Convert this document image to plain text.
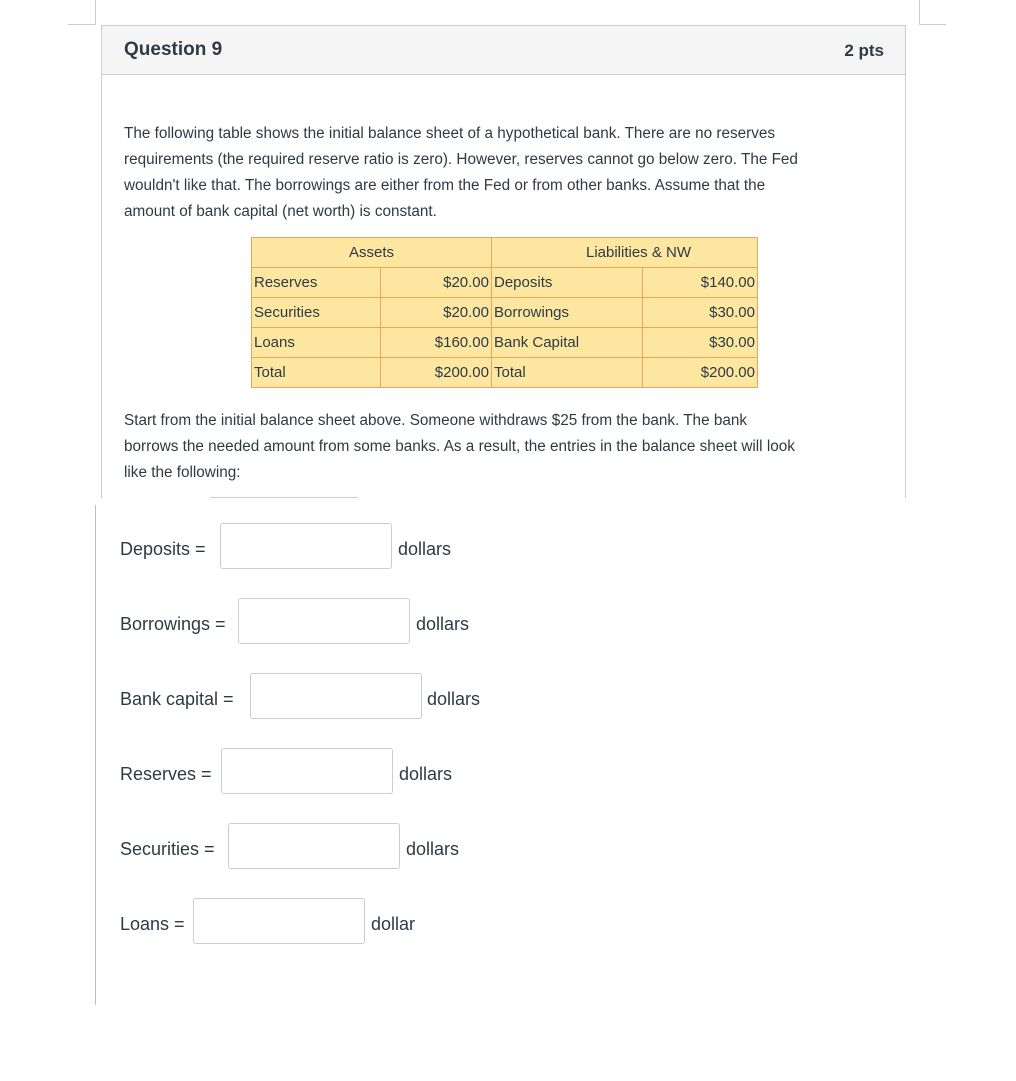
Question 9	2 pts
The following table shows the initial balance sheet of a hypothetical bank. There are no reserves
requirements (the required reserve ratio is zero). However, reserves cannot go below zero. The Fed
wouldn't like that. The borrowings are either from the Fed or from other banks. Assume that the
amount of bank capital (net worth) is constant.
Assets		Liabilities & NW	
Reserves	$20.00	Deposits	$140.00
Securities	$20.00	Borrowings	$30.00
Loans	$160.00	Bank Capital	$30.00
Total	$200.00	Total	$200.00
Start from the initial balance sheet above. Someone withdraws $25 from the bank. The bank
borrows the needed amount from some banks. As a result, the entries in the balance sheet will look
like the following:
Deposits =	dollars
Borrowings =	dollars
Bank capital =	dollars
Reserves =	dollars
Securities =	dollars
Loans =	dollar
